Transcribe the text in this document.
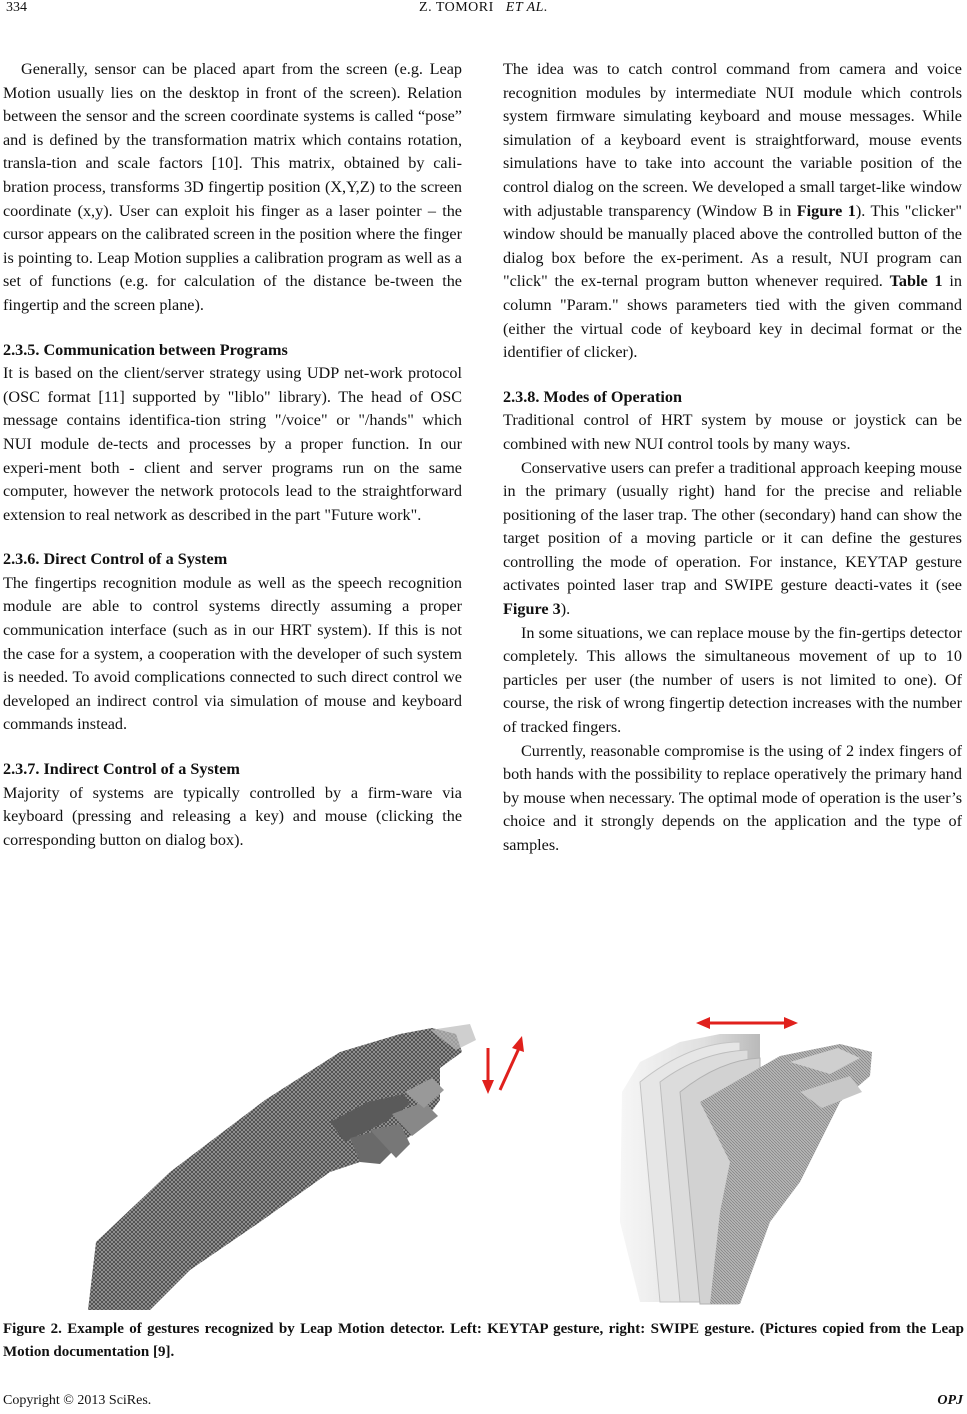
334	Z. TOMORI ET AL.

Generally, sensor can be placed apart from the screen (e.g. Leap Motion usually lies on the desktop in front of the screen). Relation between the sensor and the screen coordinate systems is called “pose” and is defined by the transformation matrix which contains rotation, transla-tion and scale factors [10]. This matrix, obtained by cali-bration process, transforms 3D fingertip position (X,Y,Z) to the screen coordinate (x,y). User can exploit his finger as a laser pointer – the cursor appears on the calibrated screen in the position where the finger is pointing to. Leap Motion supplies a calibration program as well as a set of functions (e.g. for calculation of the distance be-tween the fingertip and the screen plane).

2.3.5. Communication between Programs

It is based on the client/server strategy using UDP net-work protocol (OSC format [11] supported by "liblo" library). The head of OSC message contains identifica-tion string "/voice" or "/hands" which NUI module de-tects and processes by a proper function. In our experi-ment both - client and server programs run on the same computer, however the network protocols lead to the straightforward extension to real network as described in the part "Future work".

2.3.6. Direct Control of a System

The fingertips recognition module as well as the speech recognition module are able to control systems directly assuming a proper communication interface (such as in our HRT system). If this is not the case for a system, a cooperation with the developer of such system is needed. To avoid complications connected to such direct control we developed an indirect control via simulation of mouse and keyboard commands instead.

2.3.7. Indirect Control of a System

Majority of systems are typically controlled by a firm-ware via keyboard (pressing and releasing a key) and mouse (clicking the corresponding button on dialog box).

The idea was to catch control command from camera and voice recognition modules by intermediate NUI module which controls system firmware simulating keyboard and mouse messages. While simulation of a keyboard event is straightforward, mouse events simulations have to take into account the variable position of the control dialog on the screen. We developed a small target-like window with adjustable transparency (Window B in Figure 1). This "clicker" window should be manually placed above the controlled button of the dialog box before the ex-periment. As a result, NUI program can "click" the ex-ternal program button whenever required. Table 1 in column "Param." shows parameters tied with the given command (either the virtual code of keyboard key in decimal format or the identifier of clicker).

2.3.8. Modes of Operation

Traditional control of HRT system by mouse or joystick can be combined with new NUI control tools by many ways.

Conservative users can prefer a traditional approach keeping mouse in the primary (usually right) hand for the precise and reliable positioning of the laser trap. The other (secondary) hand can show the target position of a moving particle or it can define the gestures controlling the mode of operation. For instance, KEYTAP gesture activates pointed laser trap and SWIPE gesture deacti-vates it (see Figure 3).

In some situations, we can replace mouse by the fin-gertips detector completely. This allows the simultaneous movement of up to 10 particles per user (the number of users is not limited to one). Of course, the risk of wrong fingertip detection increases with the number of tracked fingers.

Currently, reasonable compromise is the using of 2 index fingers of both hands with the possibility to replace operatively the primary hand by mouse when necessary. The optimal mode of operation is the user’s choice and it strongly depends on the application and the type of samples.

Figure 2. Example of gestures recognized by Leap Motion detector. Left: KEYTAP gesture, right: SWIPE gesture. (Pictures copied from the Leap Motion documentation [9].
Copyright © 2013 SciRes.	OPJ
